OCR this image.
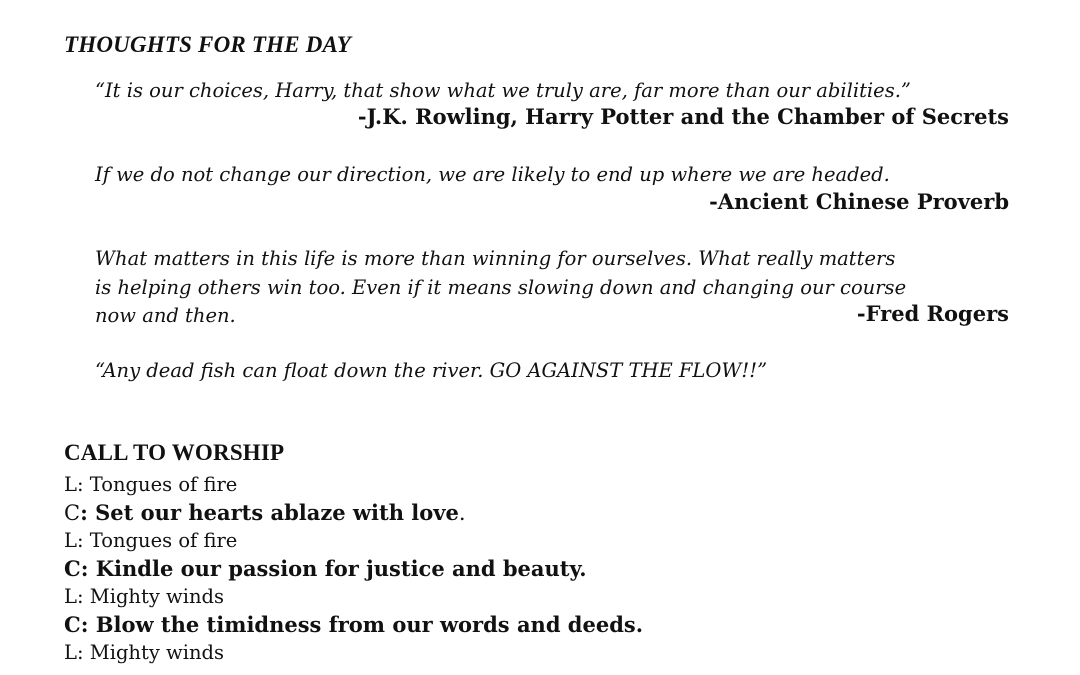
THOUGHTS FOR THE DAY
“It is our choices, Harry, that show what we truly are, far more than our abilities.”
-J.K. Rowling, Harry Potter and the Chamber of Secrets
If we do not change our direction, we are likely to end up where we are headed.
-Ancient Chinese Proverb
What matters in this life is more than winning for ourselves. What really matters
is helping others win too. Even if it means slowing down and changing our course
now and then.	-Fred Rogers
“Any dead fish can float down the river. GO AGAINST THE FLOW!!”
CALL TO WORSHIP
L: Tongues of fire
C: Set our hearts ablaze with love.
L: Tongues of fire
C: Kindle our passion for justice and beauty.
L: Mighty winds
C: Blow the timidness from our words and deeds.
L: Mighty winds
